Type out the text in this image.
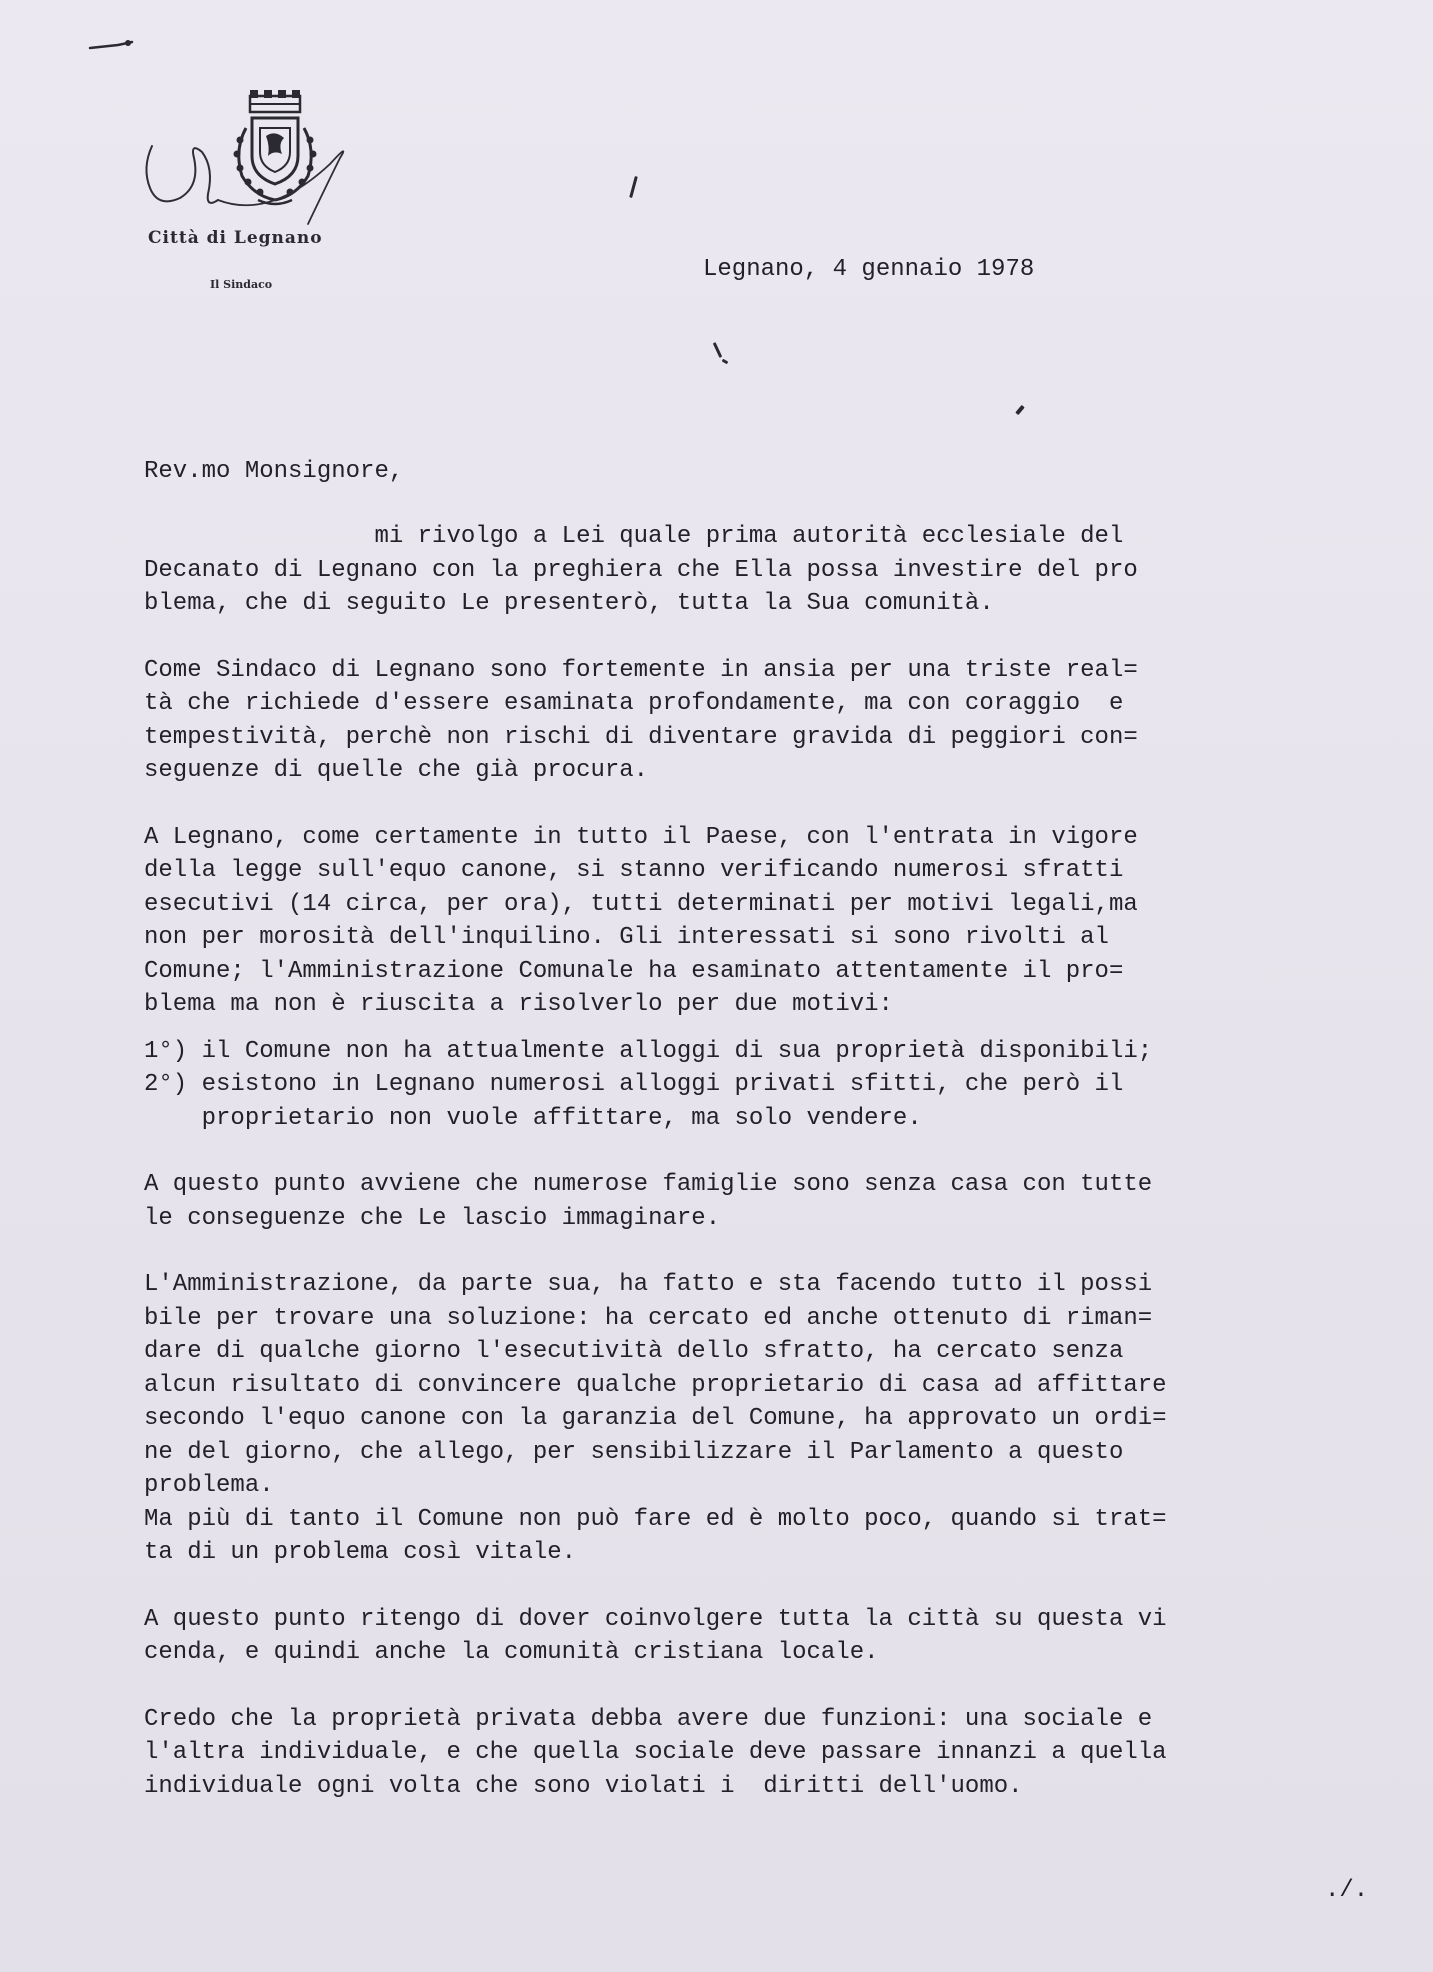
Città di Legnano
Il Sindaco
Legnano, 4 gennaio 1978
Rev.mo Monsignore,
mi rivolgo a Lei quale prima autorità ecclesiale del
Decanato di Legnano con la preghiera che Ella possa investire del pro
blema, che di seguito Le presenterò, tutta la Sua comunità.
Come Sindaco di Legnano sono fortemente in ansia per una triste real=
tà che richiede d'essere esaminata profondamente, ma con coraggio  e
tempestività, perchè non rischi di diventare gravida di peggiori con=
seguenze di quelle che già procura.
A Legnano, come certamente in tutto il Paese, con l'entrata in vigore
della legge sull'equo canone, si stanno verificando numerosi sfratti
esecutivi (14 circa, per ora), tutti determinati per motivi legali,ma
non per morosità dell'inquilino. Gli interessati si sono rivolti al
Comune; l'Amministrazione Comunale ha esaminato attentamente il pro=
blema ma non è riuscita a risolverlo per due motivi:
1°) il Comune non ha attualmente alloggi di sua proprietà disponibili;
2°) esistono in Legnano numerosi alloggi privati sfitti, che però il
proprietario non vuole affittare, ma solo vendere.
A questo punto avviene che numerose famiglie sono senza casa con tutte
le conseguenze che Le lascio immaginare.
L'Amministrazione, da parte sua, ha fatto e sta facendo tutto il possi
bile per trovare una soluzione: ha cercato ed anche ottenuto di riman=
dare di qualche giorno l'esecutività dello sfratto, ha cercato senza
alcun risultato di convincere qualche proprietario di casa ad affittare
secondo l'equo canone con la garanzia del Comune, ha approvato un ordi=
ne del giorno, che allego, per sensibilizzare il Parlamento a questo
problema.
Ma più di tanto il Comune non può fare ed è molto poco, quando si trat=
ta di un problema così vitale.
A questo punto ritengo di dover coinvolgere tutta la città su questa vi
cenda, e quindi anche la comunità cristiana locale.
Credo che la proprietà privata debba avere due funzioni: una sociale e
l'altra individuale, e che quella sociale deve passare innanzi a quella
individuale ogni volta che sono violati i  diritti dell'uomo.
./.
